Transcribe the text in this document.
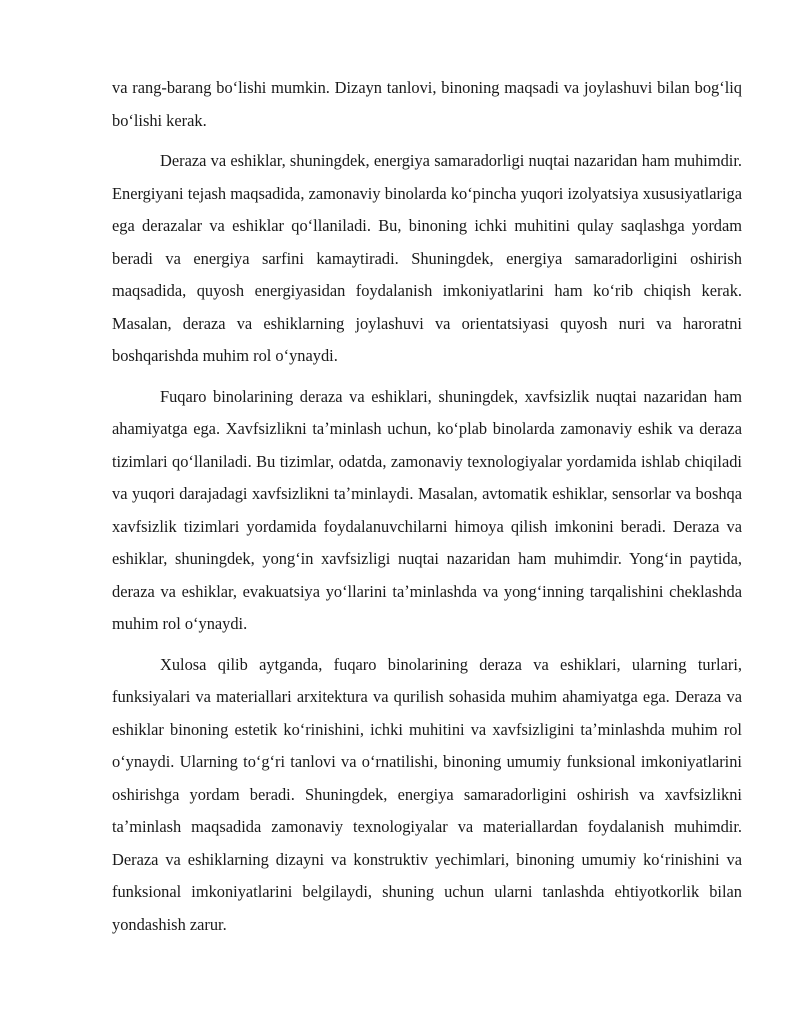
va rang-barang boʻlishi mumkin. Dizayn tanlovi, binoning maqsadi va joylashuvi bilan bogʻliq boʻlishi kerak.

Deraza va eshiklar, shuningdek, energiya samaradorligi nuqtai nazaridan ham muhimdir. Energiyani tejash maqsadida, zamonaviy binolarda koʻpincha yuqori izolyatsiya xususiyatlariga ega derazalar va eshiklar qoʻllaniladi. Bu, binoning ichki muhitini qulay saqlashga yordam beradi va energiya sarfini kamaytiradi. Shuningdek, energiya samaradorligini oshirish maqsadida, quyosh energiyasidan foydalanish imkoniyatlarini ham koʻrib chiqish kerak. Masalan, deraza va eshiklarning joylashuvi va orientatsiyasi quyosh nuri va haroratni boshqarishda muhim rol oʻynaydi.

Fuqaro binolarining deraza va eshiklari, shuningdek, xavfsizlik nuqtai nazaridan ham ahamiyatga ega. Xavfsizlikni taʼminlash uchun, koʻplab binolarda zamonaviy eshik va deraza tizimlari qoʻllaniladi. Bu tizimlar, odatda, zamonaviy texnologiyalar yordamida ishlab chiqiladi va yuqori darajadagi xavfsizlikni taʼminlaydi. Masalan, avtomatik eshiklar, sensorlar va boshqa xavfsizlik tizimlari yordamida foydalanuvchilarni himoya qilish imkonini beradi. Deraza va eshiklar, shuningdek, yongʻin xavfsizligi nuqtai nazaridan ham muhimdir. Yongʻin paytida, deraza va eshiklar, evakuatsiya yoʻllarini taʼminlashda va yongʻinning tarqalishini cheklashda muhim rol oʻynaydi.

Xulosa qilib aytganda, fuqaro binolarining deraza va eshiklari, ularning turlari, funksiyalari va materiallari arxitektura va qurilish sohasida muhim ahamiyatga ega. Deraza va eshiklar binoning estetik koʻrinishini, ichki muhitini va xavfsizligini taʼminlashda muhim rol oʻynaydi. Ularning toʻgʻri tanlovi va oʻrnatilishi, binoning umumiy funksional imkoniyatlarini oshirishga yordam beradi. Shuningdek, energiya samaradorligini oshirish va xavfsizlikni taʼminlash maqsadida zamonaviy texnologiyalar va materiallardan foydalanish muhimdir. Deraza va eshiklarning dizayni va konstruktiv yechimlari, binoning umumiy koʻrinishini va funksional imkoniyatlarini belgilaydi, shuning uchun ularni tanlashda ehtiyotkorlik bilan yondashish zarur.
